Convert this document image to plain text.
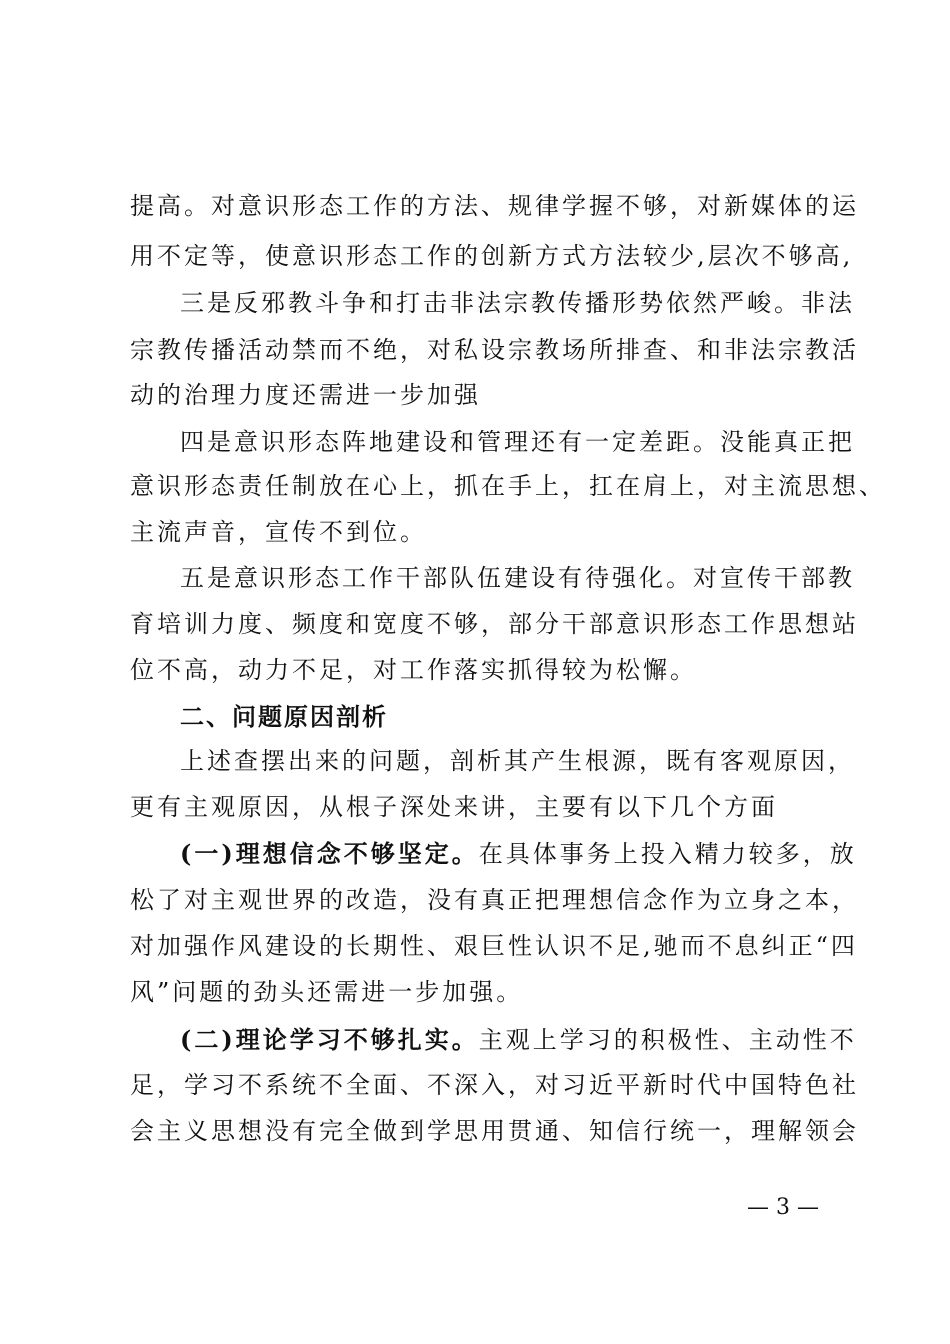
提高。对意识形态工作的方法、规律学握不够，对新媒体的运
用不定等，使意识形态工作的创新方式方法较少,层次不够高,
三是反邪教斗争和打击非法宗教传播形势依然严峻。非法
宗教传播活动禁而不绝，对私设宗教场所排查、和非法宗教活
动的治理力度还需进一步加强
四是意识形态阵地建设和管理还有一定差距。没能真正把
意识形态责任制放在心上，抓在手上，扛在肩上，对主流思想、
主流声音，宣传不到位。
五是意识形态工作干部队伍建设有待强化。对宣传干部教
育培训力度、频度和宽度不够，部分干部意识形态工作思想站
位不高，动力不足，对工作落实抓得较为松懈。
二、问题原因剖析
上述查摆出来的问题，剖析其产生根源，既有客观原因，
更有主观原因，从根子深处来讲，主要有以下几个方面
(一)理想信念不够坚定。在具体事务上投入精力较多，放
松了对主观世界的改造，没有真正把理想信念作为立身之本，
对加强作风建设的长期性、艰巨性认识不足,驰而不息纠正“四
风”问题的劲头还需进一步加强。
(二)理论学习不够扎实。主观上学习的积极性、主动性不
足，学习不系统不全面、不深入，对习近平新时代中国特色社
会主义思想没有完全做到学思用贯通、知信行统一，理解领会
— 3 —
